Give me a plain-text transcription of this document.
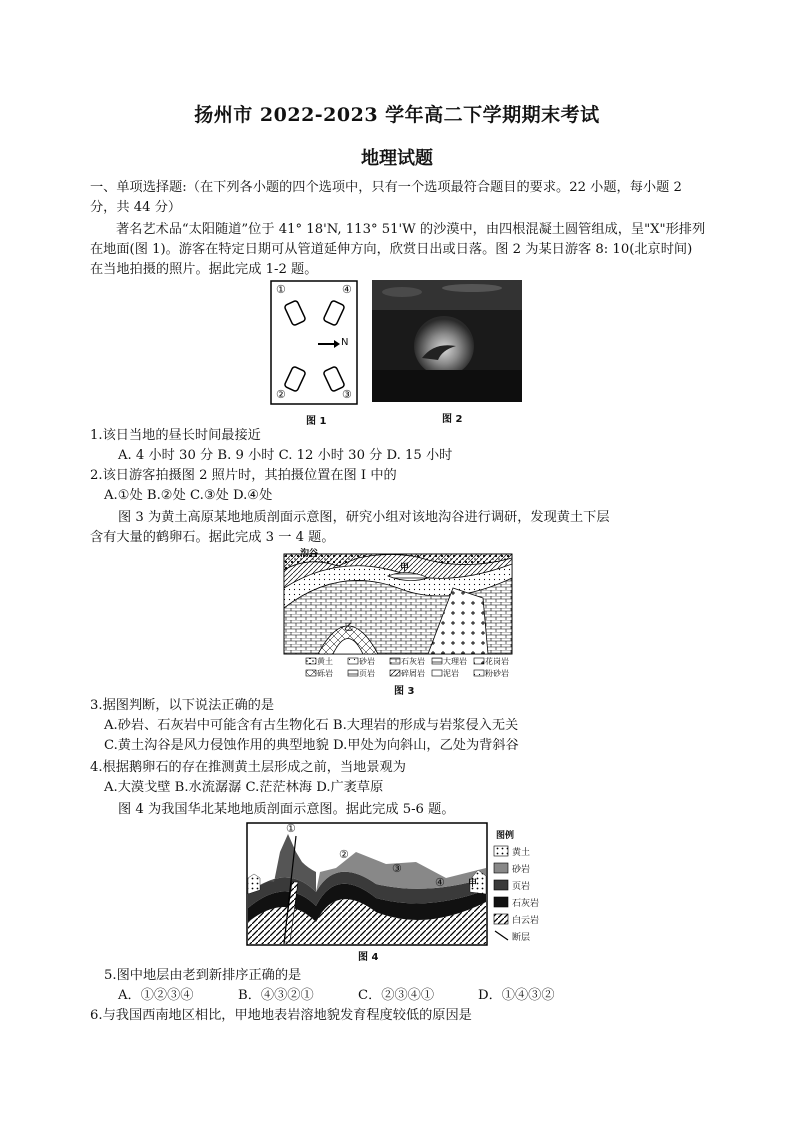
扬州市 2022-2023 学年高二下学期期末考试
地理试题
一、单项选择题:（在下列各小题的四个选项中，只有一个选项最符合题目的要求。22 小题，每小题 2
分，共 44 分）
著名艺术品“太阳随道”位于 41° 18'N, 113° 51'W 的沙漠中，由四根混凝土圆管组成，呈"X"形排列
在地面(图 1)。游客在特定日期可从管道延伸方向，欣赏日出或日落。图 2 为某日游客 8: 10(北京时间)
在当地拍摄的照片。据此完成 1-2 题。
①	④
②	③
N
图 1	图 2
1.该日当地的昼长时间最接近
A. 4 小时 30 分 B. 9 小时 C. 12 小时 30 分 D. 15 小时
2.该日游客拍摄图 2 照片时，其拍摄位置在图 I 中的
A.①处 B.②处 C.③处 D.④处
图 3 为黄土高原某地地质剖面示意图，研究小组对该地沟谷进行调研，发现黄土下层
含有大量的鹤卵石。据此完成 3 一 4 题。
沟谷
甲
乙
黄土	砂岩	石灰岩 大理岩 花岗岩
砾岩	页岩	碎屑岩 泥岩	粉砂岩
图 3
3.据图判断，以下说法正确的是
A.砂岩、石灰岩中可能含有古生物化石 B.大理岩的形成与岩浆侵入无关
C.黄土沟谷是风力侵蚀作用的典型地貌 D.甲处为向斜山，乙处为背斜谷
4.根据鹅卵石的存在推测黄土层形成之前，当地景观为
A.大漠戈壁 B.水流潺潺 C.茫茫林海 D.广袤草原
图 4 为我国华北某地地质剖面示意图。据此完成 5-6 题。
①
②
③
④	甲
图例
黄土
砂岩
页岩
石灰岩
白云岩
断层
图 4
5.图中地层由老到新排序正确的是
A．①②③④	B．④③②①	C．②③④①	D．①④③②
6.与我国西南地区相比，甲地地表岩溶地貌发育程度较低的原因是
